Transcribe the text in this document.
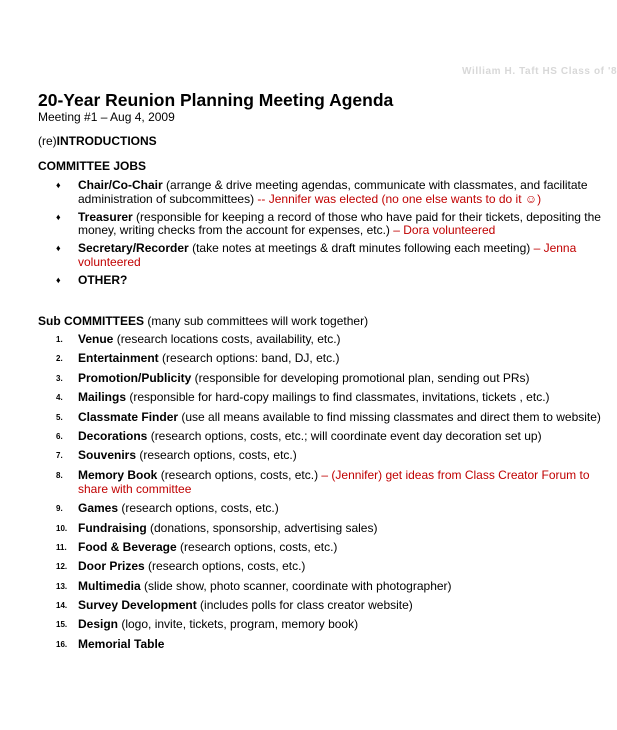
William H. Taft HS Class of '8
20-Year Reunion Planning Meeting Agenda
Meeting #1 – Aug 4, 2009
(re)INTRODUCTIONS
COMMITTEE JOBS
♦ Chair/Co-Chair (arrange & drive meeting agendas, communicate with classmates, and facilitate
administration of subcommittees) -- Jennifer was elected (no one else wants to do it ☺)
♦ Treasurer (responsible for keeping a record of those who have paid for their tickets, depositing the
money, writing checks from the account for expenses, etc.) – Dora volunteered
♦ Secretary/Recorder (take notes at meetings & draft minutes following each meeting) – Jenna
volunteered
♦ OTHER?
Sub COMMITTEES (many sub committees will work together)
1. Venue (research locations costs, availability, etc.)
2. Entertainment (research options: band, DJ, etc.)
3. Promotion/Publicity (responsible for developing promotional plan, sending out PRs)
4. Mailings (responsible for hard-copy mailings to find classmates, invitations, tickets , etc.)
5. Classmate Finder (use all means available to find missing classmates and direct them to website)
6. Decorations (research options, costs, etc.; will coordinate event day decoration set up)
7. Souvenirs (research options, costs, etc.)
8. Memory Book (research options, costs, etc.) – (Jennifer) get ideas from Class Creator Forum to
share with committee
9. Games (research options, costs, etc.)
10. Fundraising (donations, sponsorship, advertising sales)
11. Food & Beverage (research options, costs, etc.)
12. Door Prizes (research options, costs, etc.)
13. Multimedia (slide show, photo scanner, coordinate with photographer)
14. Survey Development (includes polls for class creator website)
15. Design (logo, invite, tickets, program, memory book)
16. Memorial Table
